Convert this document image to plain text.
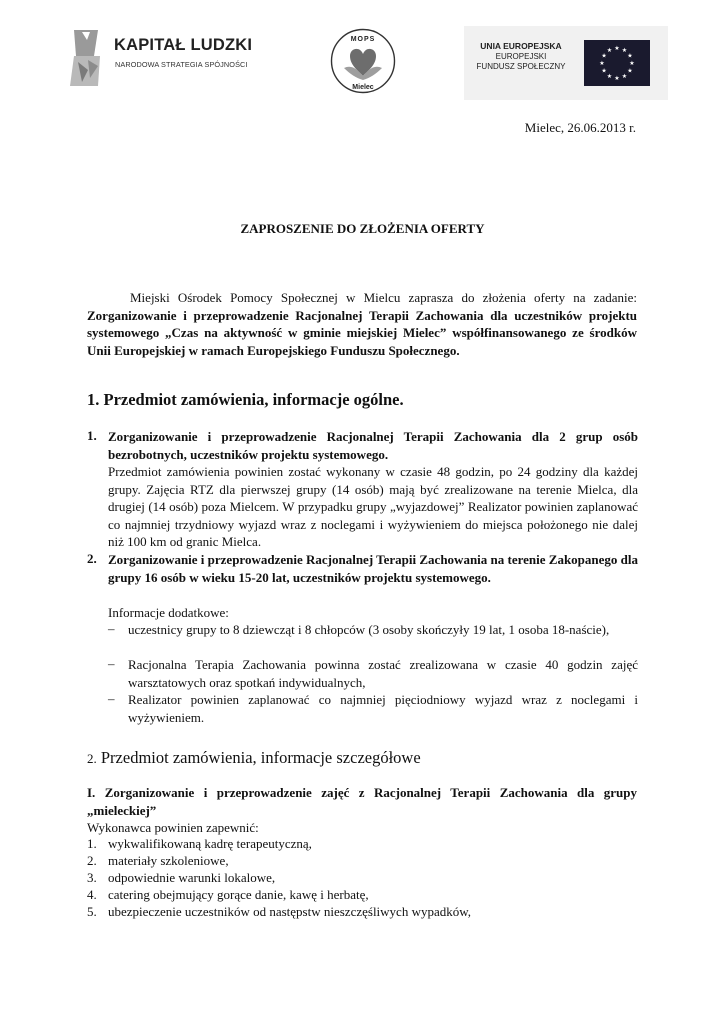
KAPITAŁ LUDZKI
NARODOWA STRATEGIA SPÓJNOŚCI
MOPS
Mielec
UNIA EUROPEJSKA
EUROPEJSKI
FUNDUSZ SPOŁECZNY	★
★
★
★
★
★
★
★
★ ★ ★
★
Mielec, 26.06.2013 r.
ZAPROSZENIE DO ZŁOŻENIA OFERTY

Miejski Ośrodek Pomocy Społecznej w Mielcu zaprasza do złożenia oferty na zadanie: Zorganizowanie i przeprowadzenie Racjonalnej Terapii Zachowania dla uczestników projektu systemowego „Czas na aktywność w gminie miejskiej Mielec” współfinansowanego ze środków Unii Europejskiej w ramach Europejskiego Funduszu Społecznego.

1. Przedmiot zamówienia, informacje ogólne.
1. Zorganizowanie i przeprowadzenie Racjonalnej Terapii Zachowania dla 2 grup osób bezrobotnych, uczestników projektu systemowego.

Przedmiot zamówienia powinien zostać wykonany w czasie 48 godzin, po 24 godziny dla każdej grupy. Zajęcia RTZ dla pierwszej grupy (14 osób) mają być zrealizowane na terenie Mielca, dla drugiej (14 osób) poza Mielcem. W przypadku grupy „wyjazdowej” Realizator powinien zaplanować co najmniej trzydniowy wyjazd wraz z noclegami i wyżywieniem do miejsca położonego nie dalej niż 100 km od granic Mielca.

2. Zorganizowanie i przeprowadzenie Racjonalnej Terapii Zachowania na terenie Zakopanego dla grupy 16 osób w wieku 15-20 lat, uczestników projektu systemowego.

Informacje dodatkowe:

– uczestnicy grupy to 8 dziewcząt i 8 chłopców (3 osoby skończyły 19 lat, 1 osoba 18-naście),

– Racjonalna Terapia Zachowania powinna zostać zrealizowana w czasie 40 godzin zajęć warsztatowych oraz spotkań indywidualnych,

– Realizator powinien zaplanować co najmniej pięciodniowy wyjazd wraz z noclegami i wyżywieniem.

2. Przedmiot zamówienia, informacje szczegółowe

I. Zorganizowanie i przeprowadzenie zajęć z Racjonalnej Terapii Zachowania dla grupy „mieleckiej”

Wykonawca powinien zapewnić:

1. wykwalifikowaną kadrę terapeutyczną,
2. materiały szkoleniowe,
3. odpowiednie warunki lokalowe,
4. catering obejmujący gorące danie, kawę i herbatę,
5. ubezpieczenie uczestników od następstw nieszczęśliwych wypadków,
